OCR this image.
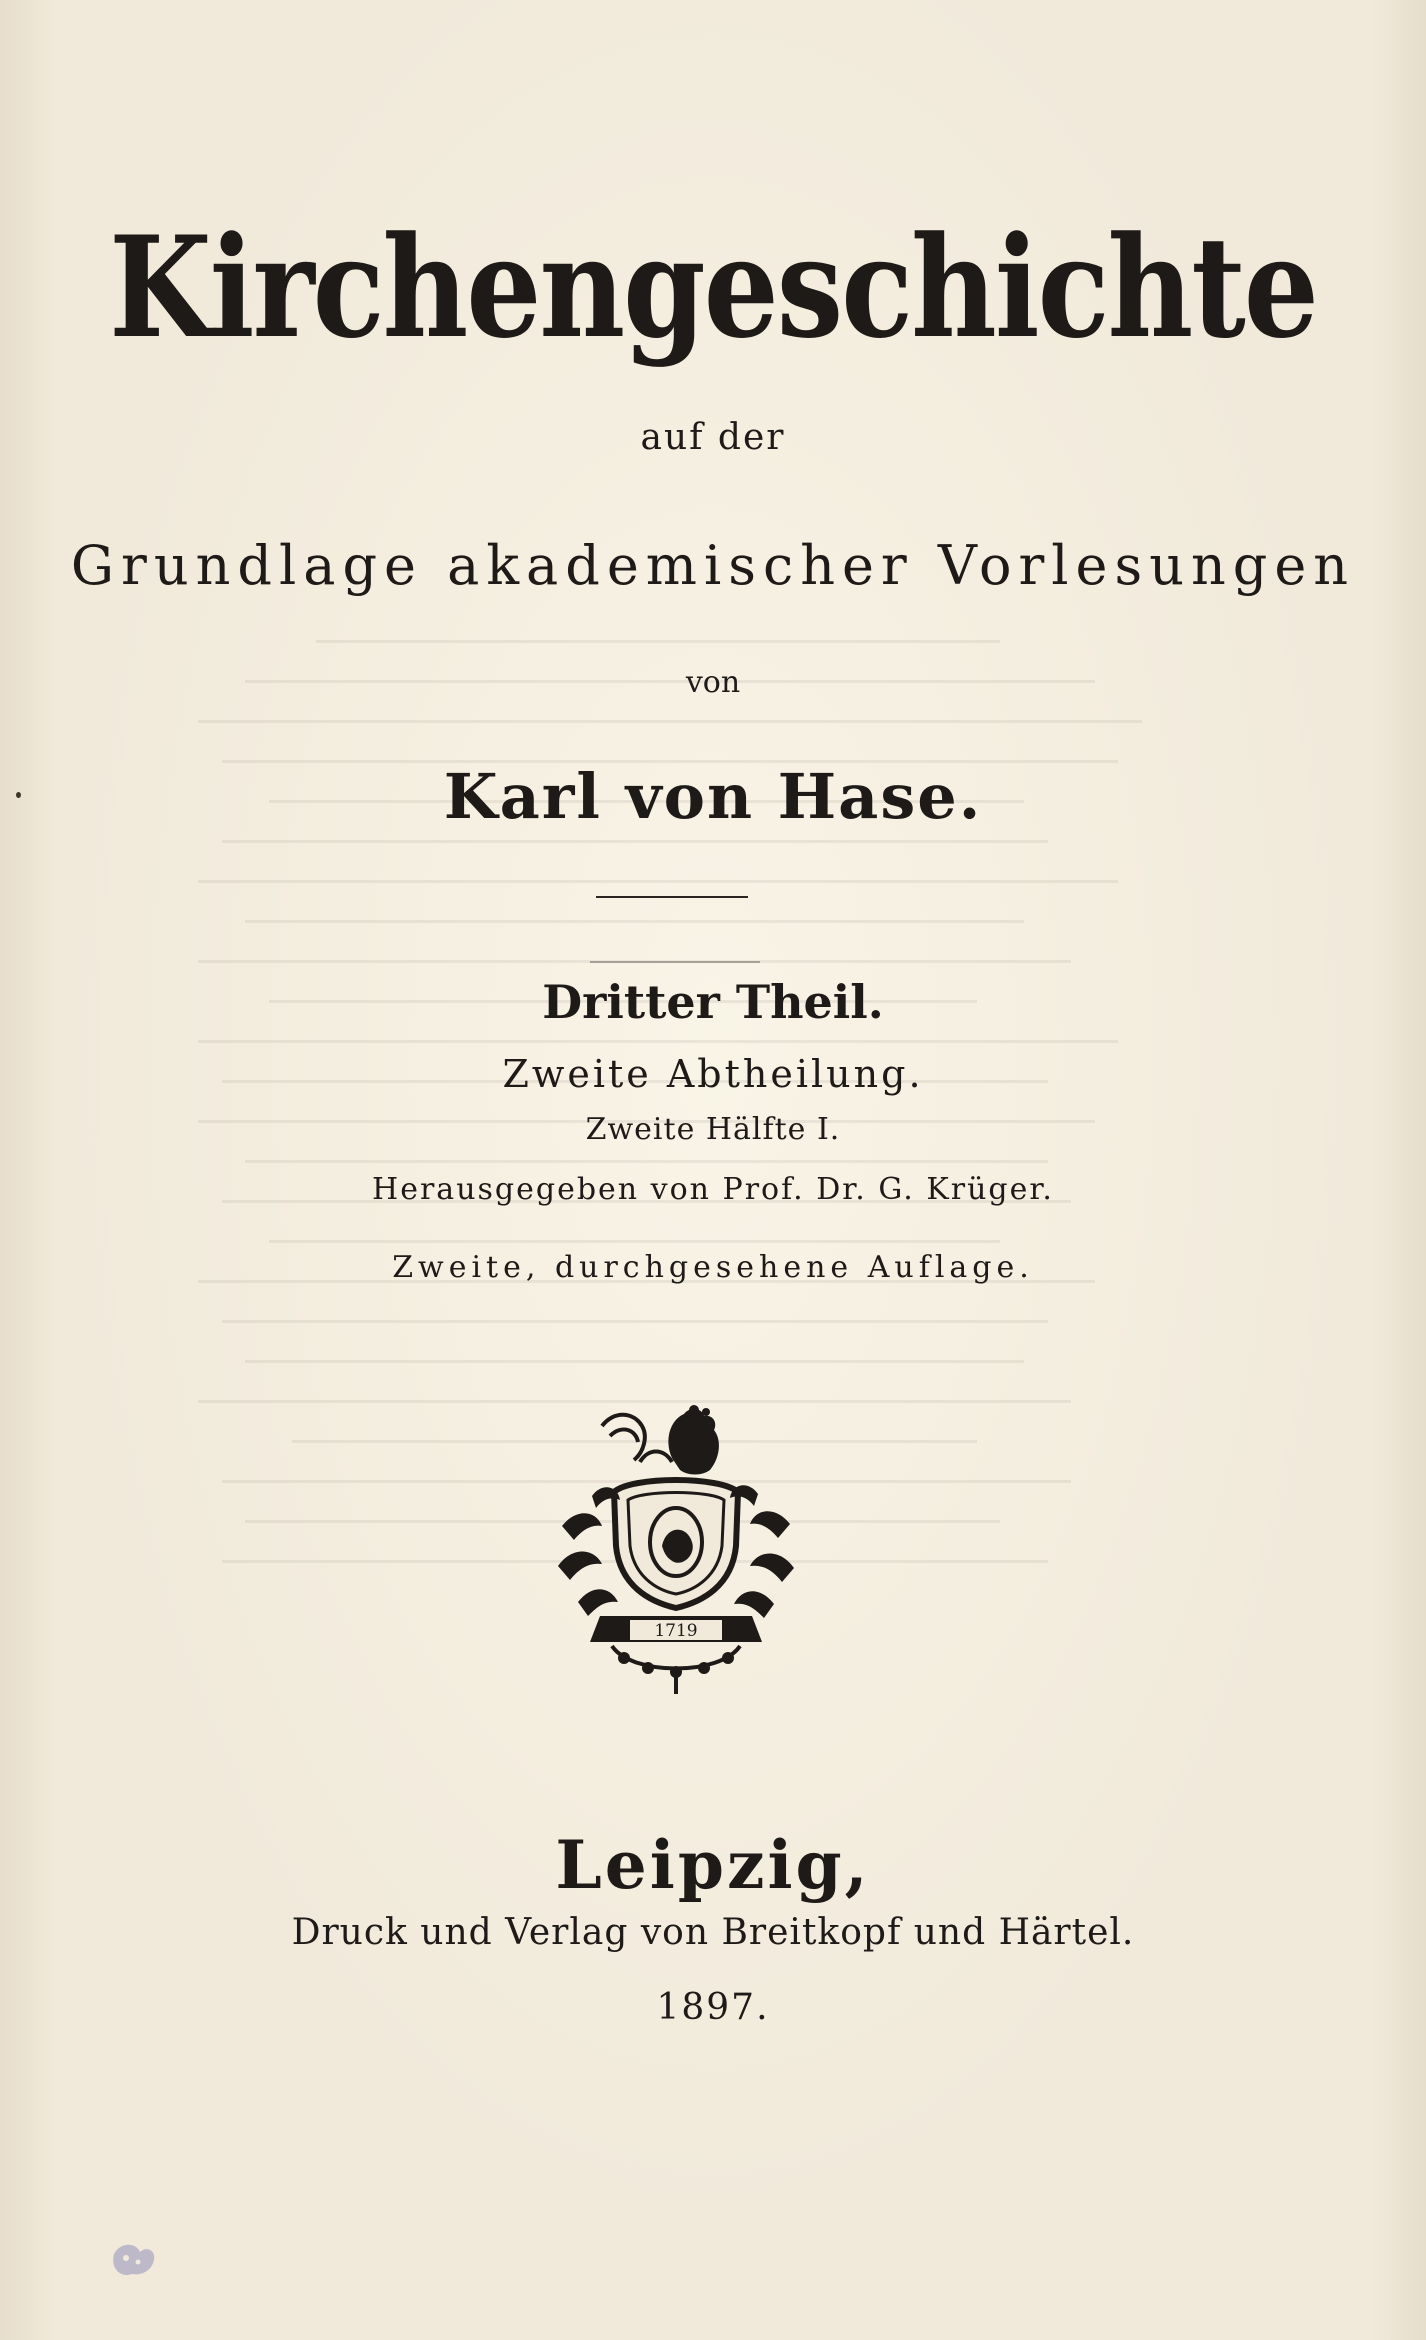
Kirchengeschichte
auf der
Grundlage akademischer Vorlesungen
von
Karl von Hase.
Dritter Theil.
Zweite Abtheilung.
Zweite Hälfte I.
Herausgegeben von Prof. Dr. G. Krüger.
Zweite, durchgesehene Auflage.
1719
Leipzig,
Druck und Verlag von Breitkopf und Härtel.
1897.
